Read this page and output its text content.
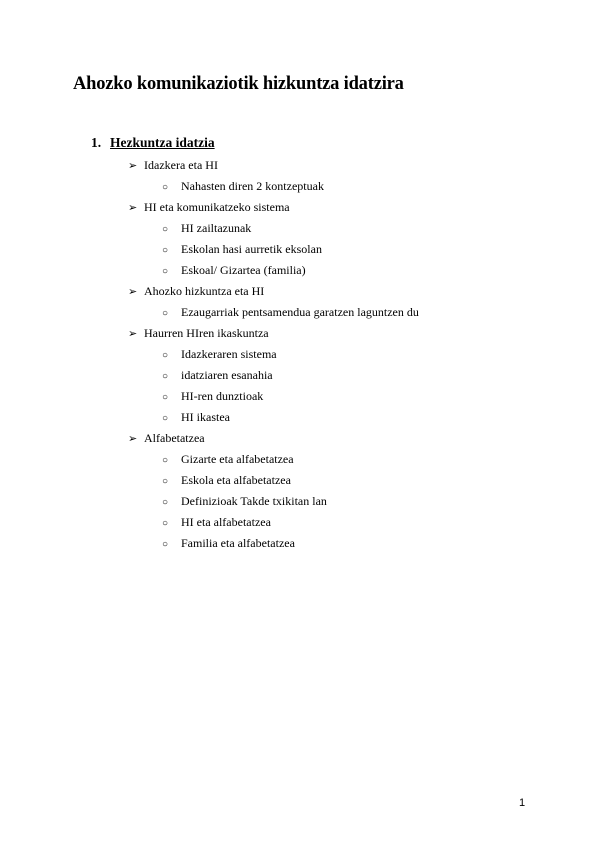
Ahozko komunikaziotik hizkuntza idatzira
1. Hezkuntza idatzia
➢ Idazkera eta HI
○ Nahasten diren 2 kontzeptuak
➢ HI eta komunikatzeko sistema
○ HI zailtazunak
○ Eskolan hasi aurretik eksolan
○ Eskoal/ Gizartea (familia)
➢ Ahozko hizkuntza eta HI
○ Ezaugarriak pentsamendua garatzen laguntzen du
➢ Haurren HIren ikaskuntza
○ Idazkeraren sistema
○ idatziaren esanahia
○ HI-ren dunztioak
○ HI ikastea
➢ Alfabetatzea
○ Gizarte eta alfabetatzea
○ Eskola eta alfabetatzea
○ Definizioak Takde txikitan lan
○ HI eta alfabetatzea
○ Familia eta alfabetatzea
1
